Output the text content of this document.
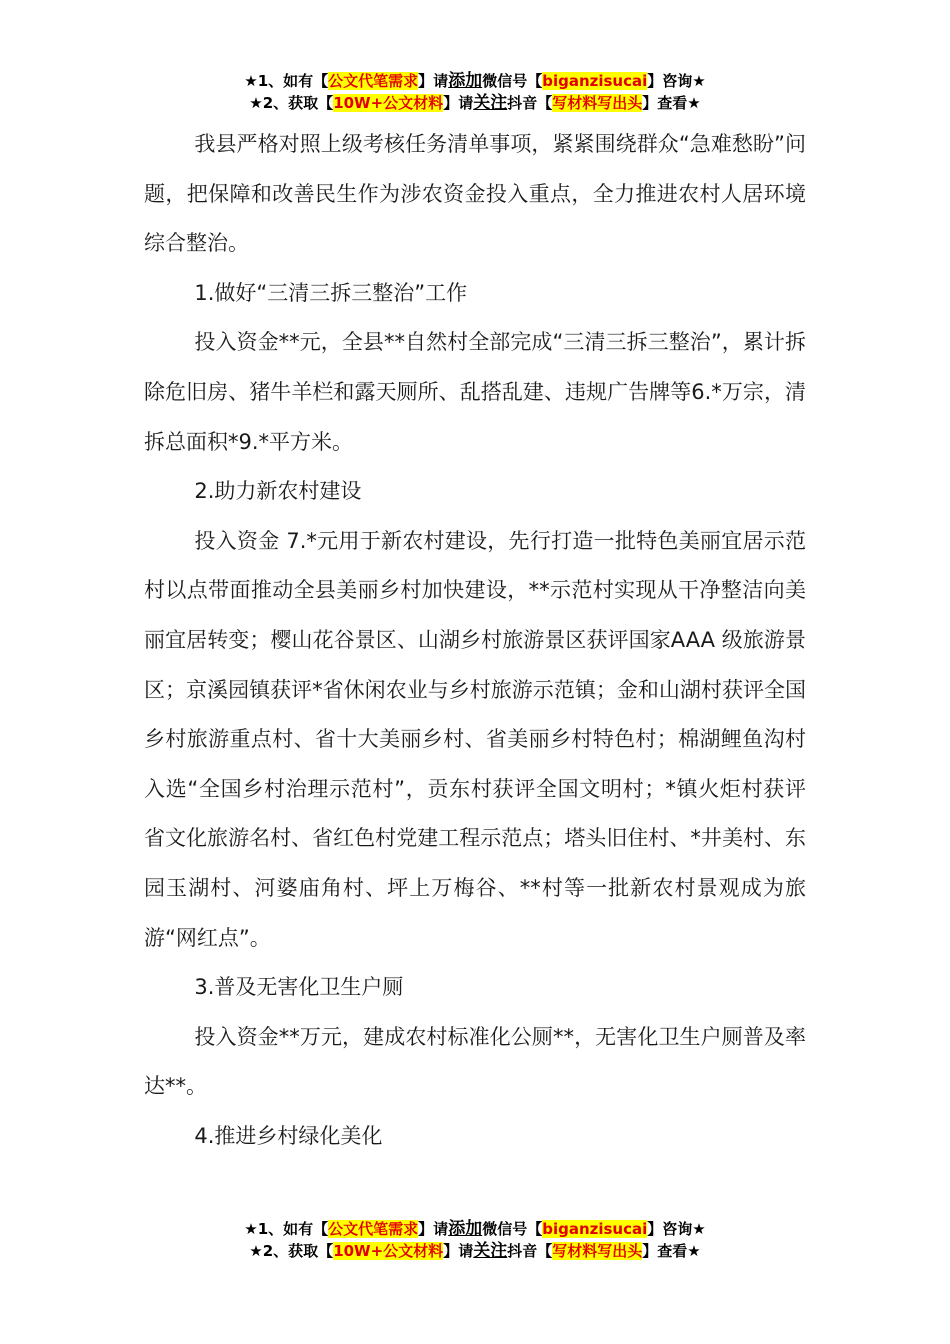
★1、如有【公文代笔需求】请添加微信号【biganzisucai】咨询★
★2、获取【10W+公文材料】请关注抖音【写材料写出头】查看★

我县严格对照上级考核任务清单事项，紧紧围绕群众“急难愁盼”问题，把保障和改善民生作为涉农资金投入重点，全力推进农村人居环境综合整治。

1.做好“三清三拆三整治”工作

投入资金**元，全县**自然村全部完成“三清三拆三整治”，累计拆除危旧房、猪牛羊栏和露天厕所、乱搭乱建、违规广告牌等6.*万宗，清拆总面积*9.*平方米。

2.助力新农村建设

投入资金 7.*元用于新农村建设，先行打造一批特色美丽宜居示范村以点带面推动全县美丽乡村加快建设，**示范村实现从干净整洁向美丽宜居转变；樱山花谷景区、山湖乡村旅游景区获评国家AAA 级旅游景区；京溪园镇获评*省休闲农业与乡村旅游示范镇；金和山湖村获评全国乡村旅游重点村、省十大美丽乡村、省美丽乡村特色村；棉湖鲤鱼沟村入选“全国乡村治理示范村”，贡东村获评全国文明村；*镇火炬村获评省文化旅游名村、省红色村党建工程示范点；塔头旧住村、*井美村、东园玉湖村、河婆庙角村、坪上万梅谷、**村等一批新农村景观成为旅游“网红点”。

3.普及无害化卫生户厕

投入资金**万元，建成农村标准化公厕**，无害化卫生户厕普及率达**。

4.推进乡村绿化美化

★1、如有【公文代笔需求】请添加微信号【biganzisucai】咨询★
★2、获取【10W+公文材料】请关注抖音【写材料写出头】查看★
